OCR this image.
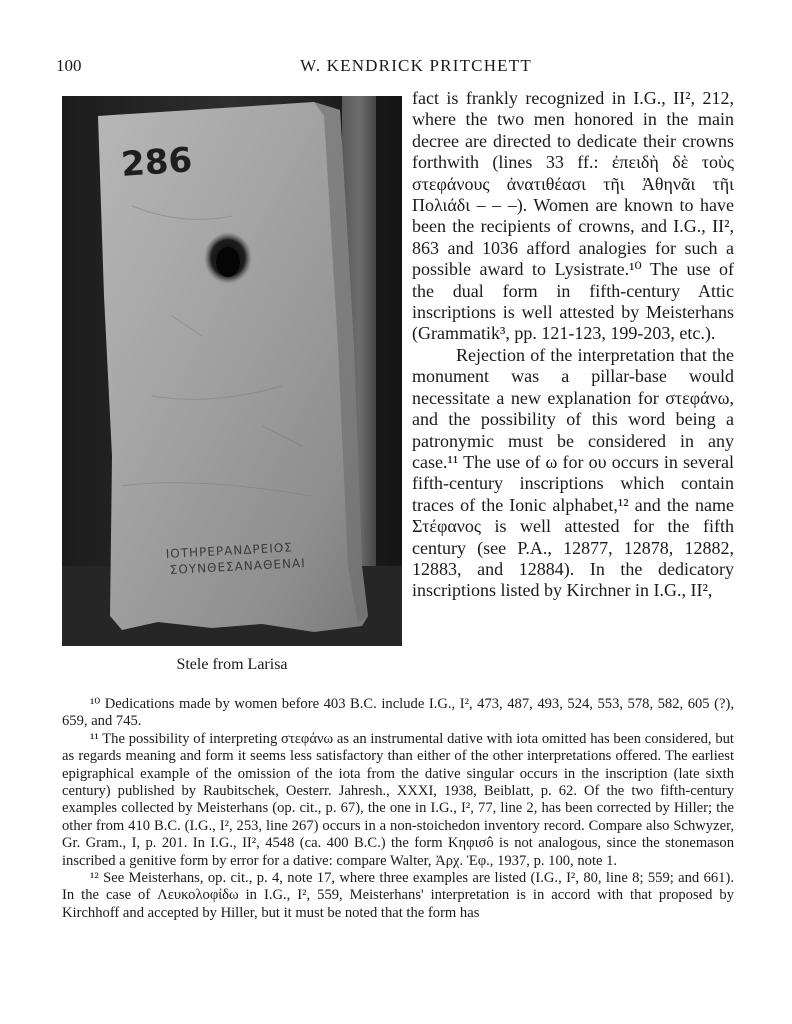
100	W. KENDRICK PRITCHETT
286
ΙΟΤΗΡΕΡΑΝΔΡΕΙΟΣ
ΣΟΥΝΘΕΣΑΝΑΘΕΝΑΙ
Stele from Larisa

fact is frankly recognized in I.G., II², 212, where the two men honored in the main decree are directed to dedicate their crowns forthwith (lines 33 ff.: ἐπειδὴ δὲ τοὺς στεφάνους ἀνατιθέασι τῆι Ἀθηνᾶι τῆι Πολιάδι – – –). Women are known to have been the recipients of crowns, and I.G., II², 863 and 1036 afford analogies for such a possible award to Lysistrate.¹⁰ The use of the dual form in fifth-century Attic inscriptions is well attested by Meisterhans (Grammatik³, pp. 121-123, 199-203, etc.).

Rejection of the interpretation that the monument was a pillar-base would necessitate a new explanation for στεφάνω, and the possibility of this word being a patronymic must be considered in any case.¹¹ The use of ω for ου occurs in several fifth-century inscriptions which contain traces of the Ionic alphabet,¹² and the name Στέφανος is well attested for the fifth century (see P.A., 12877, 12878, 12882, 12883, and 12884). In the dedicatory inscriptions listed by Kirchner in I.G., II²,

¹⁰ Dedications made by women before 403 B.C. include I.G., I², 473, 487, 493, 524, 553, 578, 582, 605 (?), 659, and 745.

¹¹ The possibility of interpreting στεφάνω as an instrumental dative with iota omitted has been considered, but as regards meaning and form it seems less satisfactory than either of the other interpretations offered. The earliest epigraphical example of the omission of the iota from the dative singular occurs in the inscription (late sixth century) published by Raubitschek, Oesterr. Jahresh., XXXI, 1938, Beiblatt, p. 62. Of the two fifth-century examples collected by Meisterhans (op. cit., p. 67), the one in I.G., I², 77, line 2, has been corrected by Hiller; the other from 410 B.C. (I.G., I², 253, line 267) occurs in a non-stoichedon inventory record. Compare also Schwyzer, Gr. Gram., I, p. 201. In I.G., II², 4548 (ca. 400 B.C.) the form Κηφισô is not analogous, since the stonemason inscribed a genitive form by error for a dative: compare Walter, Ἀρχ. Ἐφ., 1937, p. 100, note 1.

¹² See Meisterhans, op. cit., p. 4, note 17, where three examples are listed (I.G., I², 80, line 8; 559; and 661). In the case of Λευκολοφίδω in I.G., I², 559, Meisterhans' interpretation is in accord with that proposed by Kirchhoff and accepted by Hiller, but it must be noted that the form has
